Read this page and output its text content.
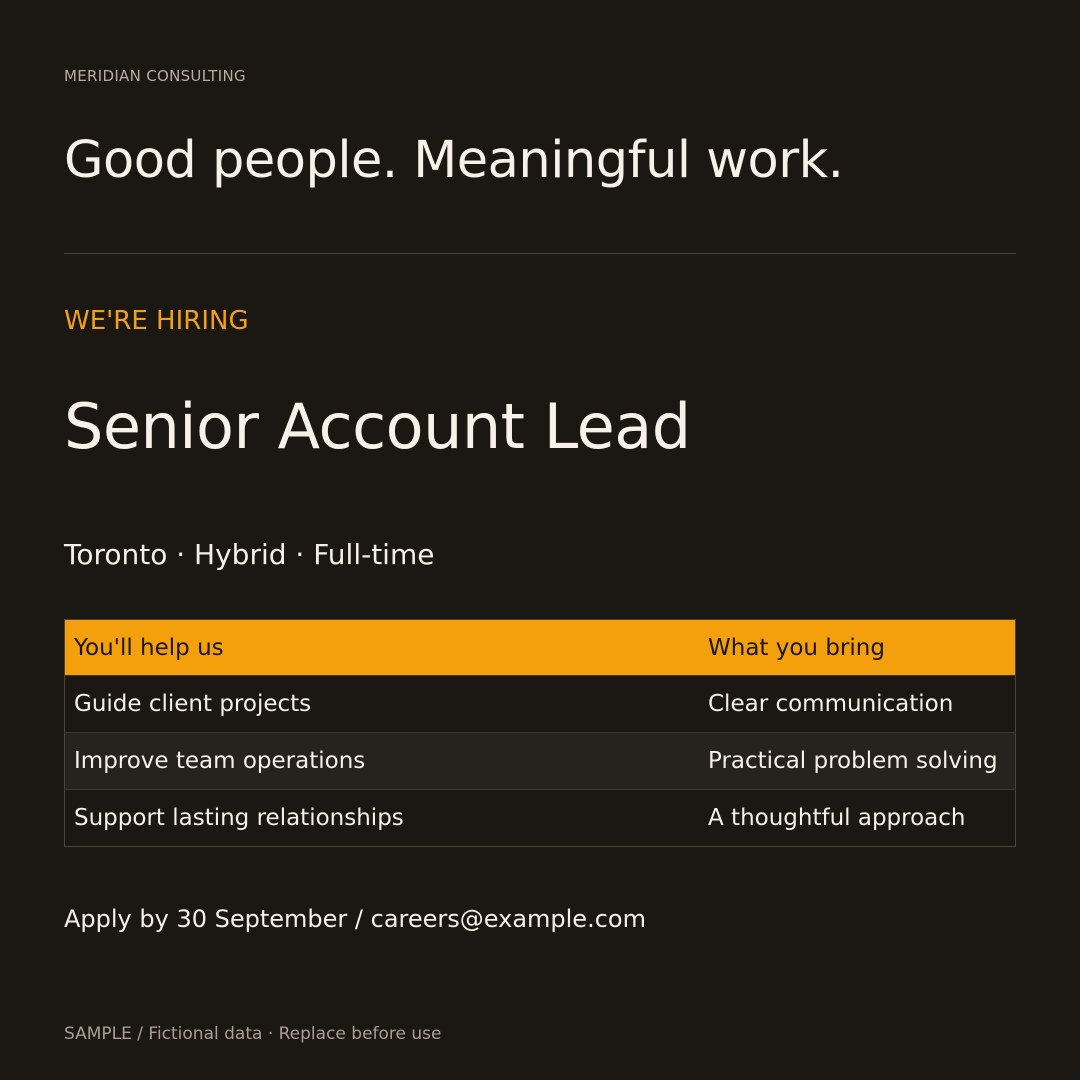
MERIDIAN CONSULTING
Good people. Meaningful work.
WE'RE HIRING
Senior Account Lead
Toronto · Hybrid · Full-time
You'll help us	What you bring
Guide client projects	Clear communication
Improve team operations	Practical problem solving
Support lasting relationships	A thoughtful approach
Apply by 30 September / careers@example.com
SAMPLE / Fictional data · Replace before use
